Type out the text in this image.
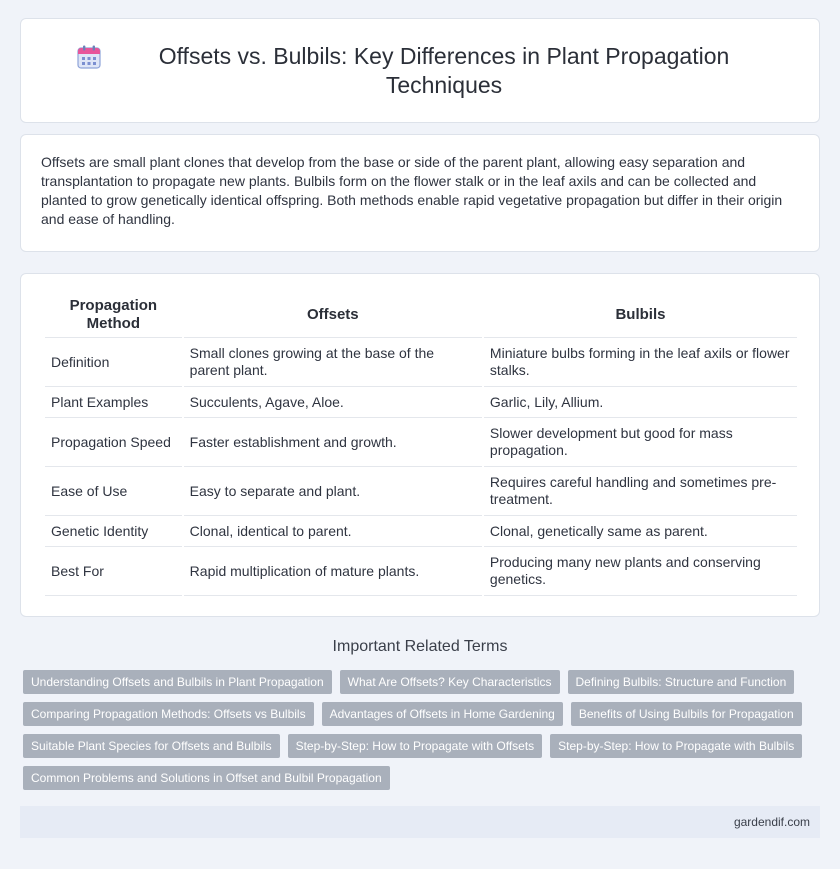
Offsets vs. Bulbils: Key Differences in Plant Propagation Techniques

Offsets are small plant clones that develop from the base or side of the parent plant, allowing easy separation and transplantation to propagate new plants. Bulbils form on the flower stalk or in the leaf axils and can be collected and planted to grow genetically identical offspring. Both methods enable rapid vegetative propagation but differ in their origin and ease of handling.

Propagation Method	Offsets	Bulbils
Definition	Small clones growing at the base of the parent plant.	Miniature bulbs forming in the leaf axils or flower stalks.
Plant Examples	Succulents, Agave, Aloe.	Garlic, Lily, Allium.
Propagation Speed	Faster establishment and growth.	Slower development but good for mass propagation.
Ease of Use	Easy to separate and plant.	Requires careful handling and sometimes pre-treatment.
Genetic Identity	Clonal, identical to parent.	Clonal, genetically same as parent.
Best For	Rapid multiplication of mature plants.	Producing many new plants and conserving genetics.
Important Related Terms
Understanding Offsets and Bulbils in Plant Propagation	What Are Offsets? Key Characteristics	Defining Bulbils: Structure and Function
Comparing Propagation Methods: Offsets vs Bulbils	Advantages of Offsets in Home Gardening	Benefits of Using Bulbils for Propagation
Suitable Plant Species for Offsets and Bulbils	Step-by-Step: How to Propagate with Offsets	Step-by-Step: How to Propagate with Bulbils
Common Problems and Solutions in Offset and Bulbil Propagation
gardendif.com
